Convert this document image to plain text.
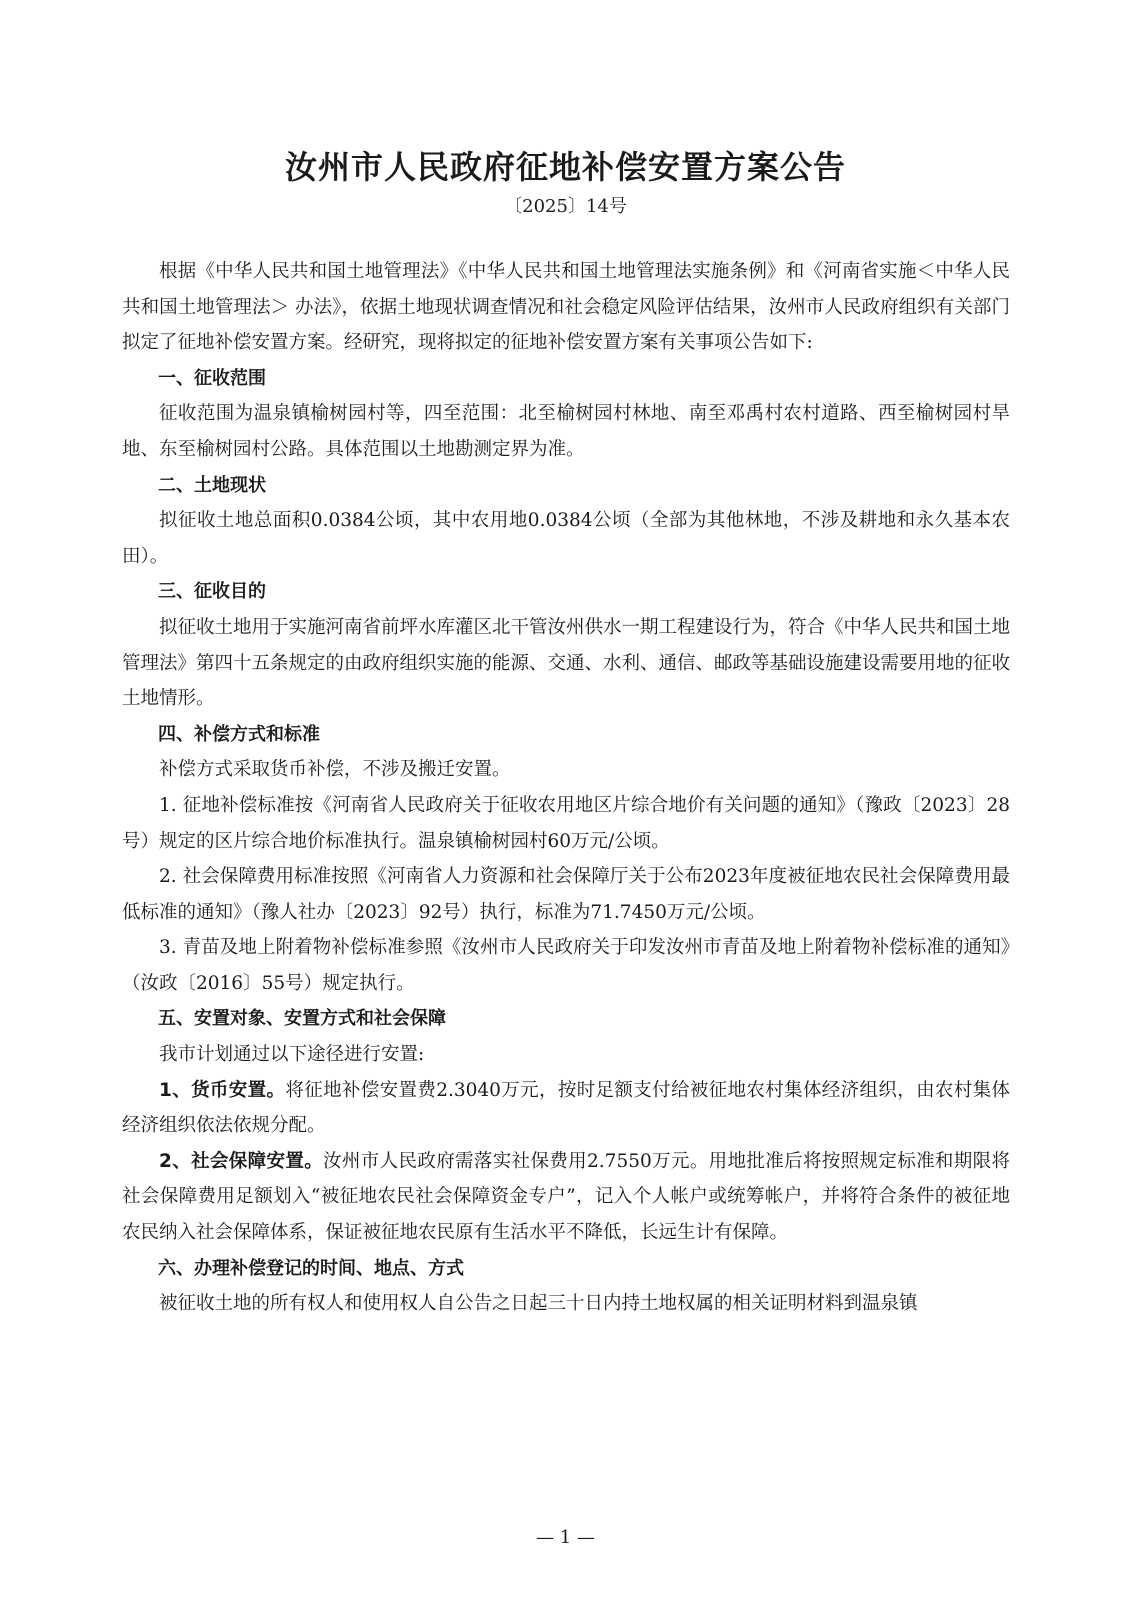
汝州市人民政府征地补偿安置方案公告
〔2025〕14号

根据《中华人民共和国土地管理法》《中华人民共和国土地管理法实施条例》和《河南省实施＜中华人民共和国土地管理法＞ 办法》，依据土地现状调查情况和社会稳定风险评估结果，汝州市人民政府组织有关部门拟定了征地补偿安置方案。经研究，现将拟定的征地补偿安置方案有关事项公告如下:

一、征收范围

征收范围为温泉镇榆树园村等，四至范围：北至榆树园村林地、南至邓禹村农村道路、西至榆树园村旱地、东至榆树园村公路。具体范围以土地勘测定界为准。

二、土地现状

拟征收土地总面积0.0384公顷，其中农用地0.0384公顷（全部为其他林地，不涉及耕地和永久基本农田）。

三、征收目的

拟征收土地用于实施河南省前坪水库灌区北干管汝州供水一期工程建设行为，符合《中华人民共和国土地管理法》第四十五条规定的由政府组织实施的能源、交通、水利、通信、邮政等基础设施建设需要用地的征收土地情形。

四、补偿方式和标准

补偿方式采取货币补偿，不涉及搬迁安置。

1. 征地补偿标准按《河南省人民政府关于征收农用地区片综合地价有关问题的通知》（豫政〔2023〕28号）规定的区片综合地价标准执行。温泉镇榆树园村60万元/公顷。

2. 社会保障费用标准按照《河南省人力资源和社会保障厅关于公布2023年度被征地农民社会保障费用最低标准的通知》（豫人社办〔2023〕92号）执行，标准为71.7450万元/公顷。

3. 青苗及地上附着物补偿标准参照《汝州市人民政府关于印发汝州市青苗及地上附着物补偿标准的通知》（汝政〔2016〕55号）规定执行。

五、安置对象、安置方式和社会保障

我市计划通过以下途径进行安置:

1、货币安置。将征地补偿安置费2.3040万元，按时足额支付给被征地农村集体经济组织，由农村集体经济组织依法依规分配。

2、社会保障安置。汝州市人民政府需落实社保费用2.7550万元。用地批准后将按照规定标准和期限将社会保障费用足额划入“被征地农民社会保障资金专户”，记入个人帐户或统筹帐户，并将符合条件的被征地农民纳入社会保障体系，保证被征地农民原有生活水平不降低，长远生计有保障。

六、办理补偿登记的时间、地点、方式

被征收土地的所有权人和使用权人自公告之日起三十日内持土地权属的相关证明材料到温泉镇

— 1 —
